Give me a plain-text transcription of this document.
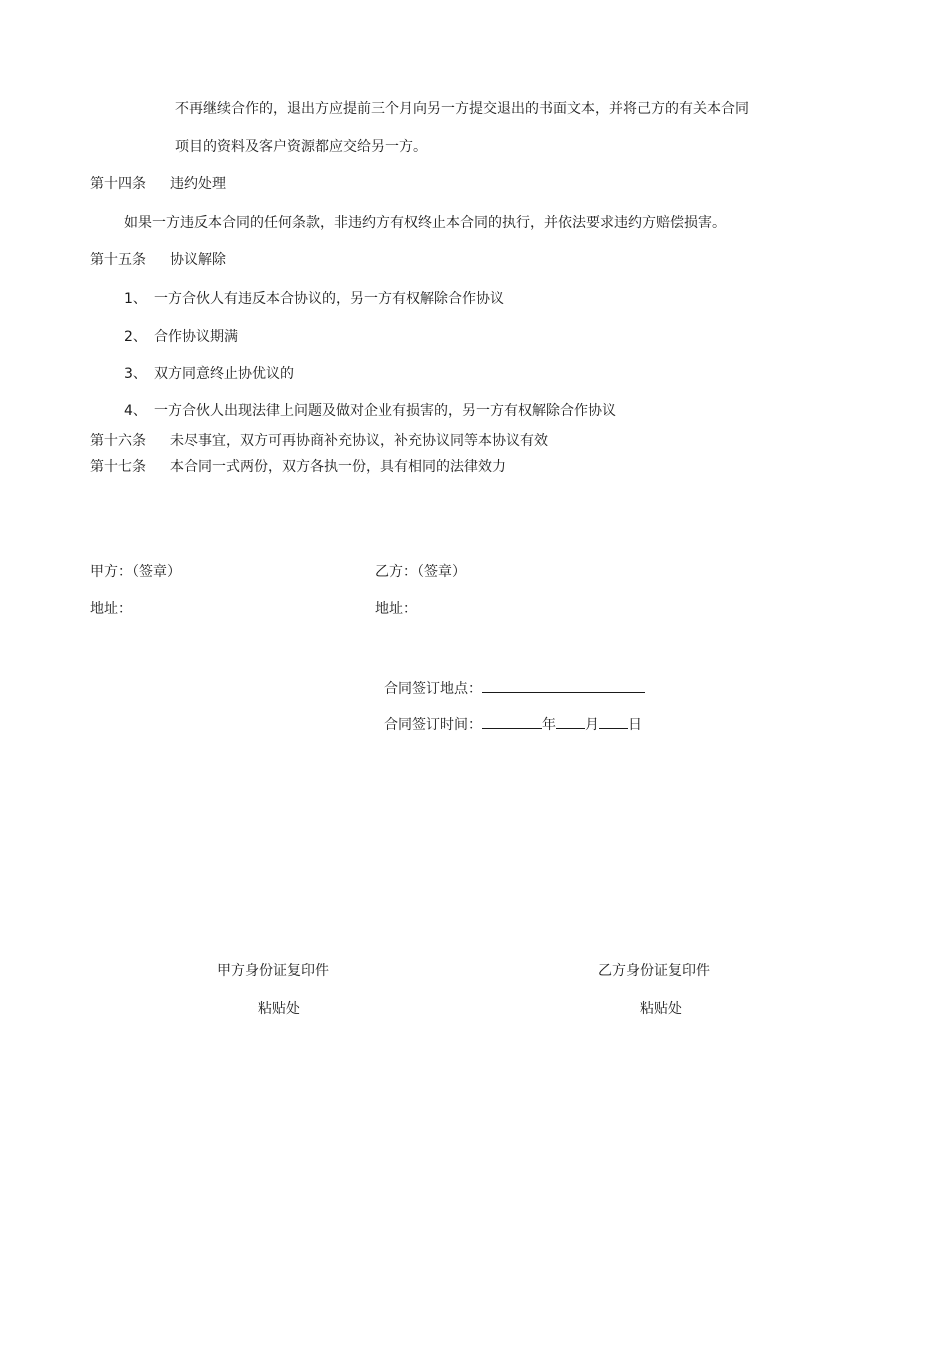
不再继续合作的，退出方应提前三个月向另一方提交退出的书面文本，并将己方的有关本合同
项目的资料及客户资源都应交给另一方。
第十四条 违约处理
如果一方违反本合同的任何条款，非违约方有权终止本合同的执行，并依法要求违约方赔偿损害。
第十五条 协议解除
1、 一方合伙人有违反本合协议的，另一方有权解除合作协议
2、 合作协议期满
3、 双方同意终止协优议的
4、 一方合伙人出现法律上问题及做对企业有损害的，另一方有权解除合作协议
第十六条 未尽事宜，双方可再协商补充协议，补充协议同等本协议有效
第十七条 本合同一式两份，双方各执一份，具有相同的法律效力
甲方：（签章）	乙方：（签章）
地址：	地址：
合同签订地点：
合同签订时间：	年 月 日
甲方身份证复印件
粘贴处
乙方身份证复印件
粘贴处
